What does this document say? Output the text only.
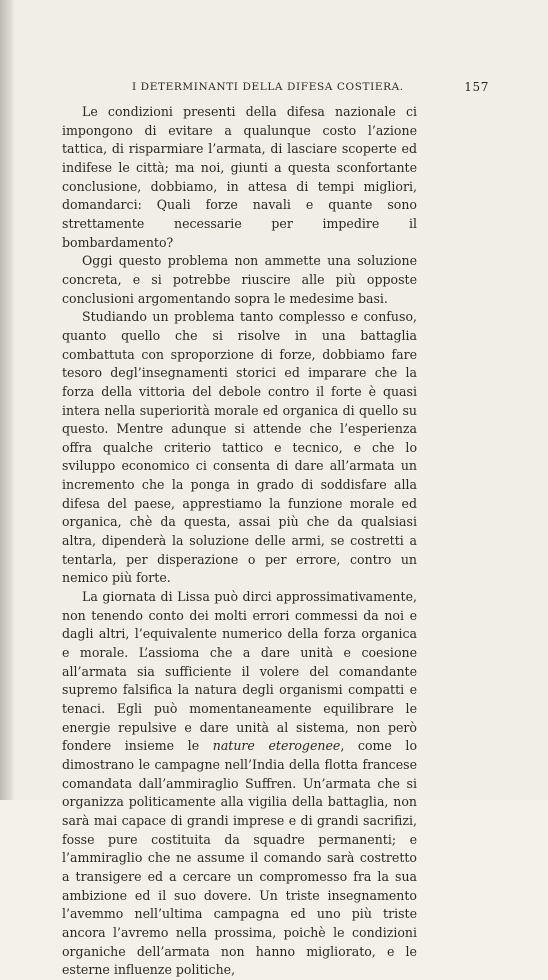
I DETERMINANTI DELLA DIFESA COSTIERA.	157

Le condizioni presenti della difesa nazionale ci impongono di evitare a qualunque costo l’azione tattica, di risparmiare l’armata, di lasciare scoperte ed indifese le città; ma noi, giunti a questa sconfortante conclusione, dobbiamo, in attesa di tempi migliori, domandarci: Quali forze navali e quante sono strettamente necessarie per impedire il bombardamento?

Oggi questo problema non ammette una soluzione concreta, e si potrebbe riuscire alle più opposte conclusioni argomentando sopra le medesime basi.

Studiando un problema tanto complesso e confuso, quanto quello che si risolve in una battaglia combattuta con sproporzione di forze, dobbiamo fare tesoro degl’insegnamenti storici ed imparare che la forza della vittoria del debole contro il forte è quasi intera nella superiorità morale ed organica di quello su questo. Mentre adunque si attende che l’esperienza offra qualche criterio tattico e tecnico, e che lo sviluppo economico ci consenta di dare all’armata un incremento che la ponga in grado di soddisfare alla difesa del paese, apprestiamo la funzione morale ed organica, chè da questa, assai più che da qualsiasi altra, dipenderà la soluzione delle armi, se costretti a tentarla, per disperazione o per errore, contro un nemico più forte.

La giornata di Lissa può dirci approssimativamente, non tenendo conto dei molti errori commessi da noi e dagli altri, l’equivalente numerico della forza organica e morale. L’assioma che a dare unità e coesione all’armata sia sufficiente il volere del comandante supremo falsifica la natura degli organismi compatti e tenaci. Egli può momentaneamente equilibrare le energie repulsive e dare unità al sistema, non però fondere insieme le nature eterogenee, come lo dimostrano le campagne nell’India della flotta francese comandata dall’ammiraglio Suffren. Un’armata che si organizza politicamente alla vigilia della battaglia, non sarà mai capace di grandi imprese e di grandi sacrifizi, fosse pure costituita da squadre permanenti; e l’ammiraglio che ne assume il comando sarà costretto a transigere ed a cercare un compromesso fra la sua ambizione ed il suo dovere. Un triste insegnamento l’avemmo nell’ultima campagna ed uno più triste ancora l’avremo nella prossima, poichè le condizioni organiche dell’armata non hanno migliorato, e le esterne influenze politiche,
